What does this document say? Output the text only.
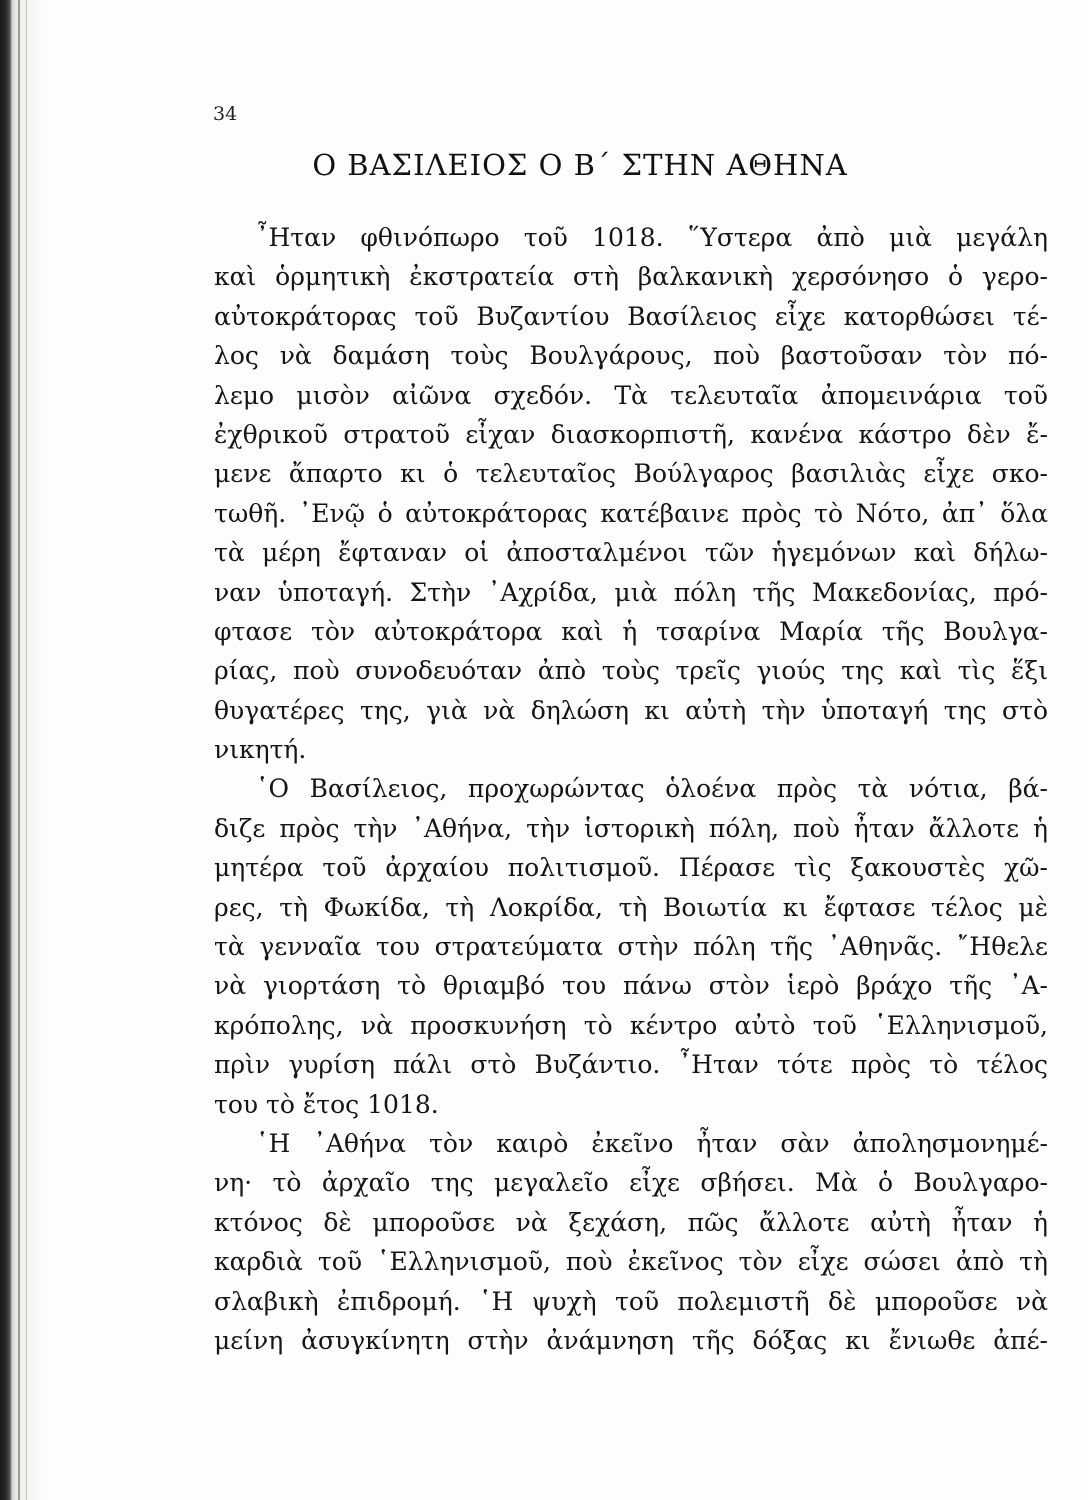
34

Ο ΒΑΣΙΛΕΙΟΣ Ο Β΄ ΣΤΗΝ ΑΘΗΝΑ
῏Ηταν φθινόπωρο τοῦ 1018. ῞Υστερα ἀπὸ μιὰ μεγάλη
καὶ ὁρμητικὴ ἐκστρατεία στὴ βαλκανικὴ χερσόνησο ὁ γερο-
αὐτοκράτορας τοῦ Βυζαντίου Βασίλειος εἶχε κατορθώσει τέ-
λος νὰ δαμάση τοὺς Βουλγάρους, ποὺ βαστοῦσαν τὸν πό-
λεμο μισὸν αἰῶνα σχεδόν. Τὰ τελευταῖα ἀπομεινάρια τοῦ
ἐχθρικοῦ στρατοῦ εἶχαν διασκορπιστῆ, κανένα κάστρο δὲν ἔ-
μενε ἄπαρτο κι ὁ τελευταῖος Βούλγαρος βασιλιὰς εἶχε σκο-
τωθῆ. ᾿Ενῷ ὁ αὐτοκράτορας κατέβαινε πρὸς τὸ Νότο, ἀπ᾿ ὅλα
τὰ μέρη ἔφταναν οἱ ἀποσταλμένοι τῶν ἡγεμόνων καὶ δήλω-
ναν ὑποταγή. Στὴν ᾿Αχρίδα, μιὰ πόλη τῆς Μακεδονίας, πρό-
φτασε τὸν αὐτοκράτορα καὶ ἡ τσαρίνα Μαρία τῆς Βουλγα-
ρίας, ποὺ συνοδευόταν ἀπὸ τοὺς τρεῖς γιούς της καὶ τὶς ἕξι
θυγατέρες της, γιὰ νὰ δηλώση κι αὐτὴ τὴν ὑποταγή της στὸ
νικητή.
῾Ο Βασίλειος, προχωρώντας ὁλοένα πρὸς τὰ νότια, βά-
διζε πρὸς τὴν ᾿Αθήνα, τὴν ἱστορικὴ πόλη, ποὺ ἦταν ἄλλοτε ἡ
μητέρα τοῦ ἀρχαίου πολιτισμοῦ. Πέρασε τὶς ξακουστὲς χῶ-
ρες, τὴ Φωκίδα, τὴ Λοκρίδα, τὴ Βοιωτία κι ἔφτασε τέλος μὲ
τὰ γενναῖα του στρατεύματα στὴν πόλη τῆς ᾿Αθηνᾶς. ῎Ηθελε
νὰ γιορτάση τὸ θριαμβό του πάνω στὸν ἱερὸ βράχο τῆς ᾿Α-
κρόπολης, νὰ προσκυνήση τὸ κέντρο αὐτὸ τοῦ ῾Ελληνισμοῦ,
πρὶν γυρίση πάλι στὸ Βυζάντιο. ῏Ηταν τότε πρὸς τὸ τέλος
του τὸ ἔτος 1018.
῾Η ᾿Αθήνα τὸν καιρὸ ἐκεῖνο ἦταν σὰν ἀπολησμονημέ-
νη· τὸ ἀρχαῖο της μεγαλεῖο εἶχε σβήσει. Μὰ ὁ Βουλγαρο-
κτόνος δὲ μποροῦσε νὰ ξεχάση, πῶς ἄλλοτε αὐτὴ ἦταν ἡ
καρδιὰ τοῦ ῾Ελληνισμοῦ, ποὺ ἐκεῖνος τὸν εἶχε σώσει ἀπὸ τὴ
σλαβικὴ ἐπιδρομή. ῾Η ψυχὴ τοῦ πολεμιστῆ δὲ μποροῦσε νὰ
μείνη ἀσυγκίνητη στὴν ἀνάμνηση τῆς δόξας κι ἔνιωθε ἀπέ-
